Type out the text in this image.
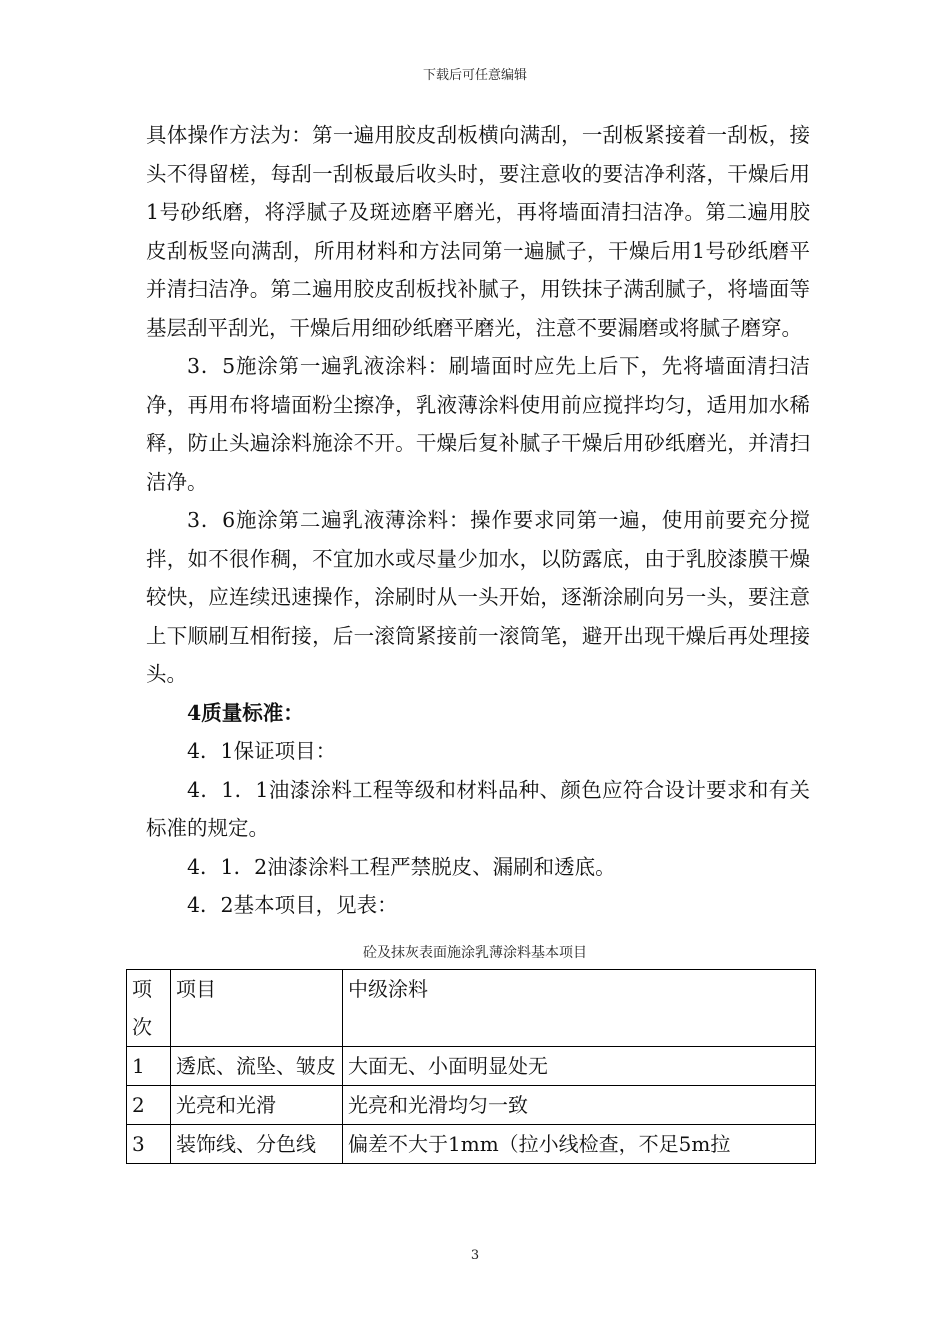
下载后可任意编辑

具体操作方法为：第一遍用胶皮刮板横向满刮，一刮板紧接着一刮板，接头不得留槎，每刮一刮板最后收头时，要注意收的要洁净利落，干燥后用1号砂纸磨，将浮腻子及斑迹磨平磨光，再将墙面清扫洁净。第二遍用胶皮刮板竖向满刮，所用材料和方法同第一遍腻子，干燥后用1号砂纸磨平并清扫洁净。第二遍用胶皮刮板找补腻子，用铁抹子满刮腻子，将墙面等基层刮平刮光，干燥后用细砂纸磨平磨光，注意不要漏磨或将腻子磨穿。

3．5施涂第一遍乳液涂料：刷墙面时应先上后下，先将墙面清扫洁净，再用布将墙面粉尘擦净，乳液薄涂料使用前应搅拌均匀，适用加水稀释，防止头遍涂料施涂不开。干燥后复补腻子干燥后用砂纸磨光，并清扫洁净。

3．6施涂第二遍乳液薄涂料：操作要求同第一遍，使用前要充分搅拌，如不很作稠，不宜加水或尽量少加水，以防露底，由于乳胶漆膜干燥较快，应连续迅速操作，涂刷时从一头开始，逐渐涂刷向另一头，要注意上下顺刷互相衔接，后一滚筒紧接前一滚筒笔，避开出现干燥后再处理接头。

4质量标准：

4．1保证项目：

4．1．1油漆涂料工程等级和材料品种、颜色应符合设计要求和有关标准的规定。

4．1．2油漆涂料工程严禁脱皮、漏刷和透底。

4．2基本项目，见表：

砼及抹灰表面施涂乳薄涂料基本项目
项次	项目	中级涂料
1	透底、流坠、皱皮	大面无、小面明显处无
2	光亮和光滑	光亮和光滑均匀一致
3	装饰线、分色线	偏差不大于1mm（拉小线检查，不足5m拉
3
